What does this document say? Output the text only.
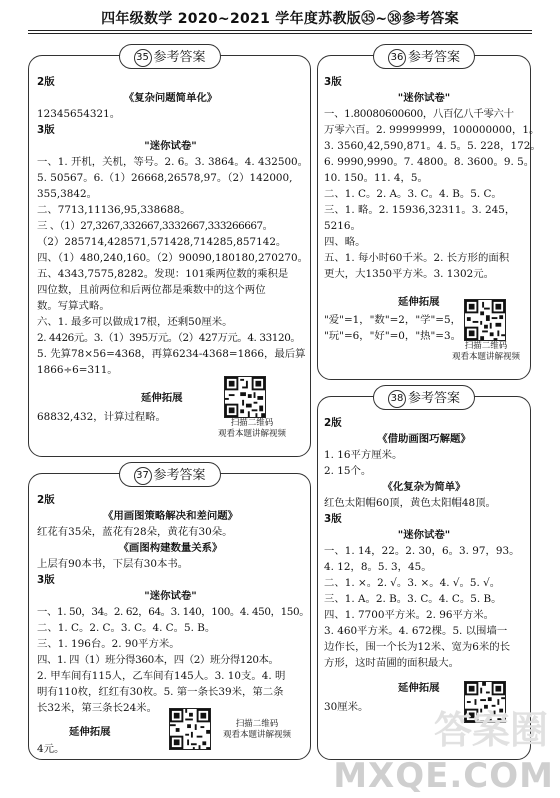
四年级数学 2020~2021 学年度苏教版㉟~㊳参考答案
35 参考答案
2版
《复杂问题简单化》
12345654321。
3版
"迷你试卷"
一、1. 开机，关机，等号。2. 6。3. 3864。4. 432500。
5. 50567。6.（1）26668,26578,97。（2）142000,
355,3842。
二、7713,11136,95,338688。
三 、（1）27,3267,332667,3332667,333266667。
（2）285714,428571,571428,714285,857142。
四、（1）480,240,160。（2）90090,180180,270270。
五、4343,7575,8282。发现：101乘两位数的乘积是
四位数，且前两位和后两位都是乘数中的这个两位
数。写算式略。
六、1. 最多可以做成17根，还剩50厘米。
2. 4426元。3.（1）395万元。（2）427万元。4. 33120。
5. 先算78×56=4368，再算6234-4368=1866，最后算
1866÷6=311。
延伸拓展
68832,432，计算过程略。	扫描二维码
观看本题讲解视频
36 参考答案
3版
"迷你试卷"
一、1.80080600600，八百亿八千零六十
万零六百。2. 99999999，100000000，1。
3. 3560,42,590,871。4. 5。5. 228，172。
6. 9990,9990。7. 4800。8. 3600。9. 5。
10. 150。11. 4，5。
二、1. C。2. A。3. C。4. B。5. C。
三、1. 略。2. 15936,32311。3. 245，
5216。
四、略。
五、1. 每小时60千米。2. 长方形的面积
更大，大1350平方米。3. 1302元。
延伸拓展
"爱"=1，"数"=2，"学"=5，
"玩"=6，"好"=0，"热"=3。
扫描二维码
观看本题讲解视频
37 参考答案
2版
《用画图策略解决和差问题》
红花有35朵，蓝花有28朵，黄花有30朵。
《画图构建数量关系》
上层有90本书，下层有30本书。
3版
"迷你试卷"
一、1. 50，34。2. 62，64。3. 140，100。4. 450，150。
二、1. C。2. C。3. C。4. C。5. B。
三、1. 196台。2. 90平方米。
四、1. 四（1）班分得360本，四（2）班分得120本。
2. 甲车间有115人，乙车间有145人。3. 10支。4. 明
明有110枚，红红有30枚。5. 第一条长39米，第二条
长32米，第三条长24米。
延伸拓展
4元。
扫描二维码
观看本题讲解视频
38 参考答案
2版
《借助画图巧解题》
1. 16平方厘米。
2. 15个。
《化复杂为简单》
红色太阳帽60顶，黄色太阳帽48顶。
3版
"迷你试卷"
一、1. 14，22。2. 30，6。3. 97，93。
4. 12，8。5. 3，45。
二、1. ×。2. √。3. ×。4. √。5. √。
三、1. A。2. B。3. C。4. C。5. B。
四、1. 7700平方米。2. 96平方米。
3. 460平方米。4. 672棵。5. 以围墙一
边作长，围一个长为12米、宽为6米的长
方形，这时苗圃的面积最大。
延伸拓展
30厘米。
答案圈
MXQE.COM
